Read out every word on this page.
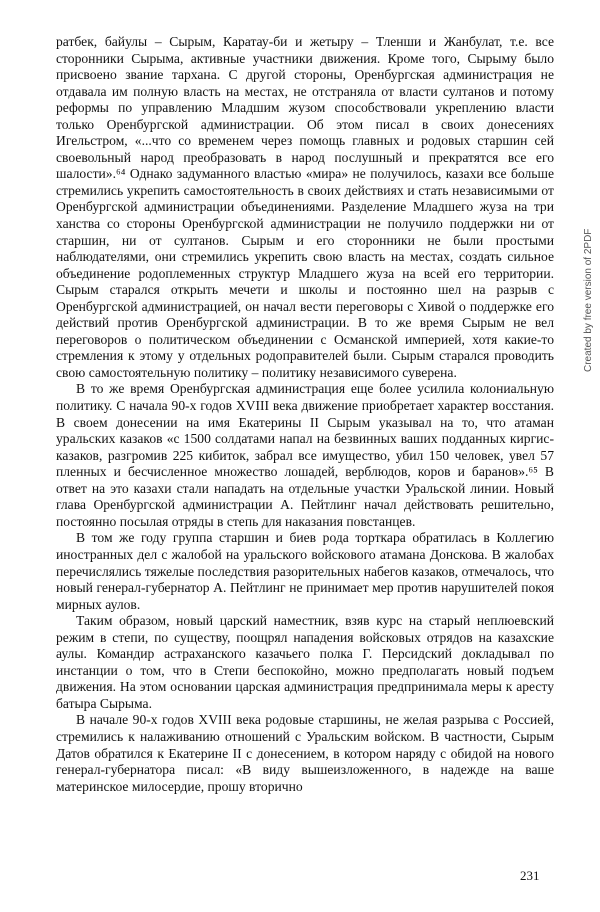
ратбек, байулы – Сырым, Каратау-би и жетыру – Тленши и Жанбулат, т.е. все сторонники Сырыма, активные участники движения. Кроме того, Сырыму было присвоено звание тархана. С другой стороны, Оренбургская администрация не отдавала им полную власть на местах, не отстраняла от власти султанов и потому реформы по управлению Младшим жузом способствовали укреплению власти только Оренбургской администрации. Об этом писал в своих донесениях Игельстром, «...что со временем через помощь главных и родовых старшин сей своевольный народ преобразовать в народ послушный и прекратятся все его шалости».⁶⁴ Однако задуманного властью «мира» не получилось, казахи все больше стремились укрепить самостоятельность в своих действиях и стать независимыми от Оренбургской администрации объединениями. Разделение Младшего жуза на три ханства со стороны Оренбургской администрации не получило поддержки ни от старшин, ни от султанов. Сырым и его сторонники не были простыми наблюдателями, они стремились укрепить свою власть на местах, создать сильное объединение родоплеменных структур Младшего жуза на всей его территории. Сырым старался открыть мечети и школы и постоянно шел на разрыв с Оренбургской администрацией, он начал вести переговоры с Хивой о поддержке его действий против Оренбургской администрации. В то же время Сырым не вел переговоров о политическом объединении с Османской империей, хотя какие-то стремления к этому у отдельных родоправителей были. Сырым старался проводить свою самостоятельную политику – политику независимого суверена.

В то же время Оренбургская администрация еще более усилила колониальную политику. С начала 90-х годов XVIII века движение приобретает характер восстания. В своем донесении на имя Екатерины II Сырым указывал на то, что атаман уральских казаков «с 1500 солдатами напал на безвинных ваших подданных киргис-казаков, разгромив 225 кибиток, забрал все имущество, убил 150 человек, увел 57 пленных и бесчисленное множество лошадей, верблюдов, коров и баранов».⁶⁵ В ответ на это казахи стали нападать на отдельные участки Уральской линии. Новый глава Оренбургской администрации А. Пейтлинг начал действовать решительно, постоянно посылая отряды в степь для наказания повстанцев.

В том же году группа старшин и биев рода торткара обратилась в Коллегию иностранных дел с жалобой на уральского войскового атамана Донскова. В жалобах перечислялись тяжелые последствия разорительных набегов казаков, отмечалось, что новый генерал-губернатор А. Пейтлинг не принимает мер против нарушителей покоя мирных аулов.

Таким образом, новый царский наместник, взяв курс на старый неплюевский режим в степи, по существу, поощрял нападения войсковых отрядов на казахские аулы. Командир астраханского казачьего полка Г. Персидский докладывал по инстанции о том, что в Степи беспокойно, можно предполагать новый подъем движения. На этом основании царская администрация предпринимала меры к аресту батыра Сырыма.

В начале 90-х годов XVIII века родовые старшины, не желая разрыва с Россией, стремились к налаживанию отношений с Уральским войском. В частности, Сырым Датов обратился к Екатерине II с донесением, в котором наряду с обидой на нового генерал-губернатора писал: «В виду вышеизложенного, в надежде на ваше материнское милосердие, прошу вторично

Created by free version of 2PDF
231
